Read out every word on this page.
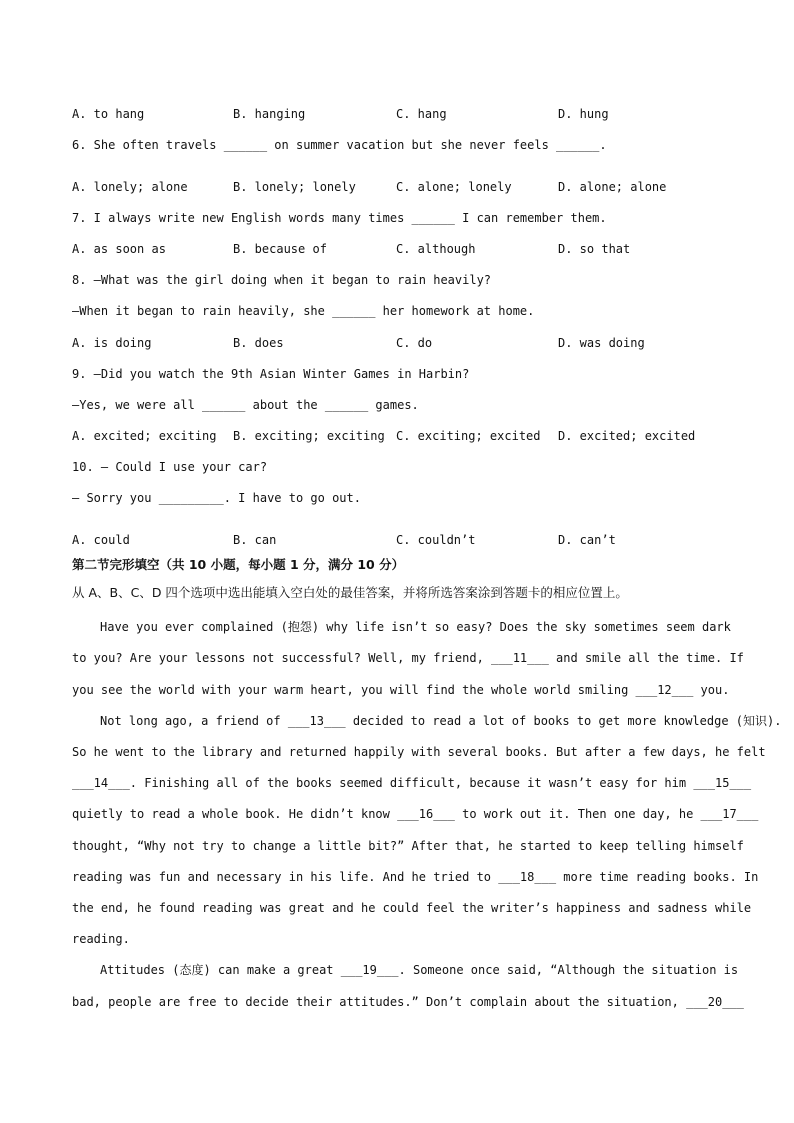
A. to hang	B. hanging	C. hang	D. hung
6. She often travels ______ on summer vacation but she never feels ______.
A. lonely; alone	B. lonely; lonely	C. alone; lonely	D. alone; alone
7. I always write new English words many times ______ I can remember them.
A. as soon as	B. because of	C. although	D. so that
8. —What was the girl doing when it began to rain heavily?
—When it began to rain heavily, she ______ her homework at home.
A. is doing	B. does	C. do	D. was doing
9. —Did you watch the 9th Asian Winter Games in Harbin?
—Yes, we were all ______ about the ______ games.
A. excited; exciting B. exciting; exciting C. exciting; excited D. excited; excited
10. — Could I use your car?
— Sorry you _________. I have to go out.
A. could	B. can	C. couldn’t	D. can’t
第二节完形填空（共 10 小题，每小题 1 分，满分 10 分）
从 A、B、C、D 四个选项中选出能填入空白处的最佳答案，并将所选答案涂到答题卡的相应位置上。
Have you ever complained (抱怨) why life isn’t so easy? Does the sky sometimes seem dark
to you? Are your lessons not successful? Well, my friend, ___11___ and smile all the time. If
you see the world with your warm heart, you will find the whole world smiling ___12___ you.
Not long ago, a friend of ___13___ decided to read a lot of books to get more knowledge (知识).
So he went to the library and returned happily with several books. But after a few days, he felt
___14___. Finishing all of the books seemed difficult, because it wasn’t easy for him ___15___
quietly to read a whole book. He didn’t know ___16___ to work out it. Then one day, he ___17___
thought, “Why not try to change a little bit?” After that, he started to keep telling himself
reading was fun and necessary in his life. And he tried to ___18___ more time reading books. In
the end, he found reading was great and he could feel the writer’s happiness and sadness while
reading.
Attitudes (态度) can make a great ___19___. Someone once said, “Although the situation is
bad, people are free to decide their attitudes.” Don’t complain about the situation, ___20___
